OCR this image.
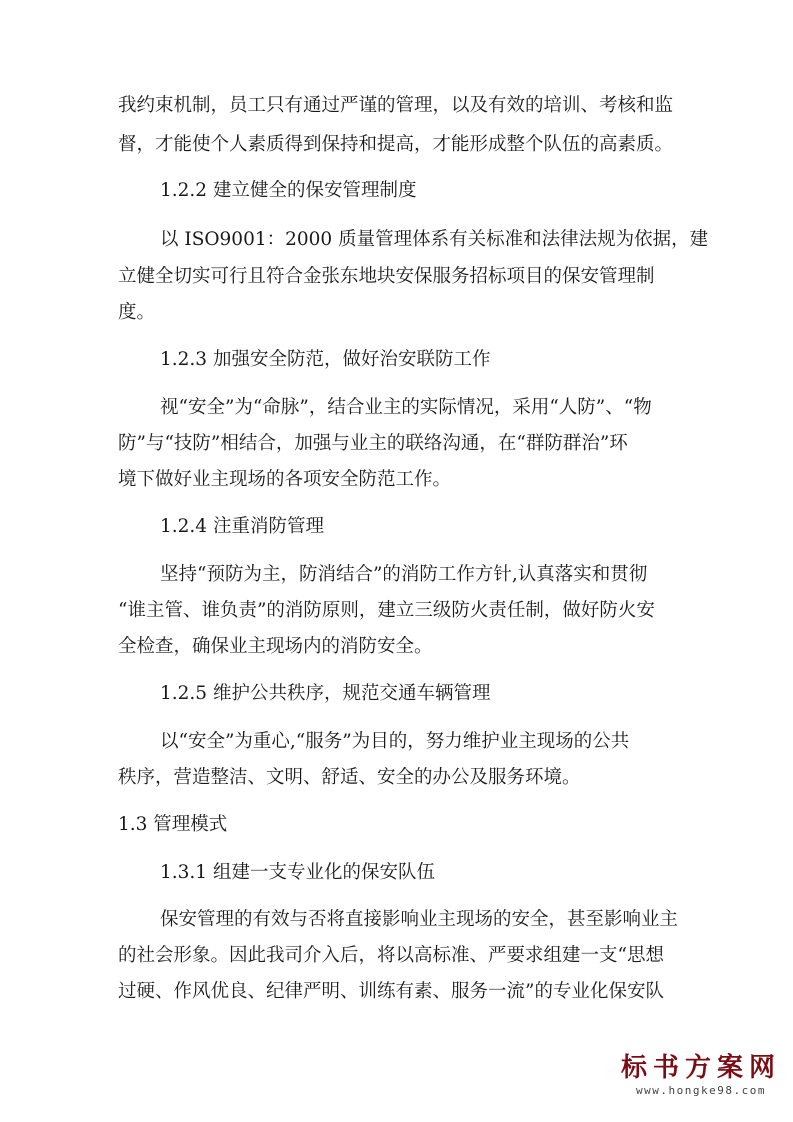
我约束机制，员工只有通过严谨的管理，以及有效的培训、考核和监
督，才能使个人素质得到保持和提高，才能形成整个队伍的高素质。
1.2.2 建立健全的保安管理制度
以 ISO9001：2000 质量管理体系有关标准和法律法规为依据，建
立健全切实可行且符合金张东地块安保服务招标项目的保安管理制
度。
1.2.3 加强安全防范，做好治安联防工作
视“安全”为“命脉”，结合业主的实际情况，采用“人防”、“物
防”与“技防”相结合，加强与业主的联络沟通，在“群防群治”环
境下做好业主现场的各项安全防范工作。
1.2.4 注重消防管理
坚持“预防为主，防消结合”的消防工作方针,认真落实和贯彻
“谁主管、谁负责”的消防原则，建立三级防火责任制，做好防火安
全检查，确保业主现场内的消防安全。
1.2.5 维护公共秩序，规范交通车辆管理
以“安全”为重心,“服务”为目的，努力维护业主现场的公共
秩序，营造整洁、文明、舒适、安全的办公及服务环境。
1.3 管理模式
1.3.1 组建一支专业化的保安队伍
保安管理的有效与否将直接影响业主现场的安全，甚至影响业主
的社会形象。因此我司介入后，将以高标准、严要求组建一支“思想
过硬、作风优良、纪律严明、训练有素、服务一流”的专业化保安队
标书方案网
www.hongke98.com
